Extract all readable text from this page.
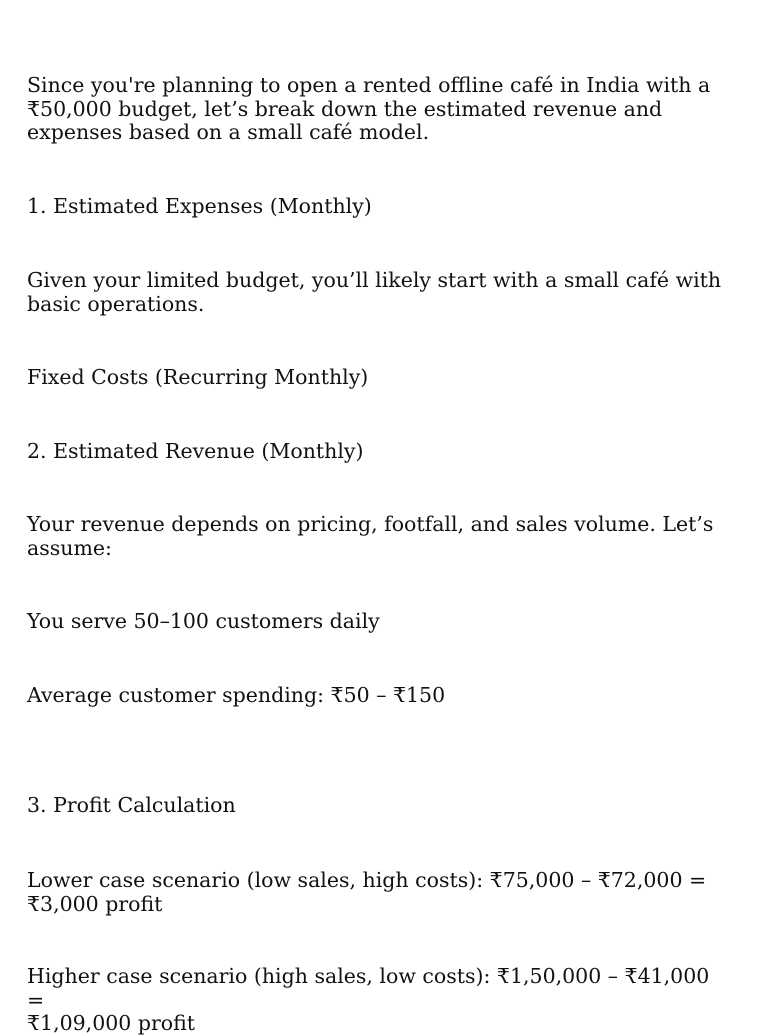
Since you're planning to open a rented offline café in India with a
₹50,000 budget, let’s break down the estimated revenue and
expenses based on a small café model.

1. Estimated Expenses (Monthly)

Given your limited budget, you’ll likely start with a small café with
basic operations.

Fixed Costs (Recurring Monthly)

2. Estimated Revenue (Monthly)

Your revenue depends on pricing, footfall, and sales volume. Let’s
assume:

You serve 50–100 customers daily

Average customer spending: ₹50 – ₹150

3. Profit Calculation

Lower case scenario (low sales, high costs): ₹75,000 – ₹72,000 =
₹3,000 profit

Higher case scenario (high sales, low costs): ₹1,50,000 – ₹41,000 =
₹1,09,000 profit
